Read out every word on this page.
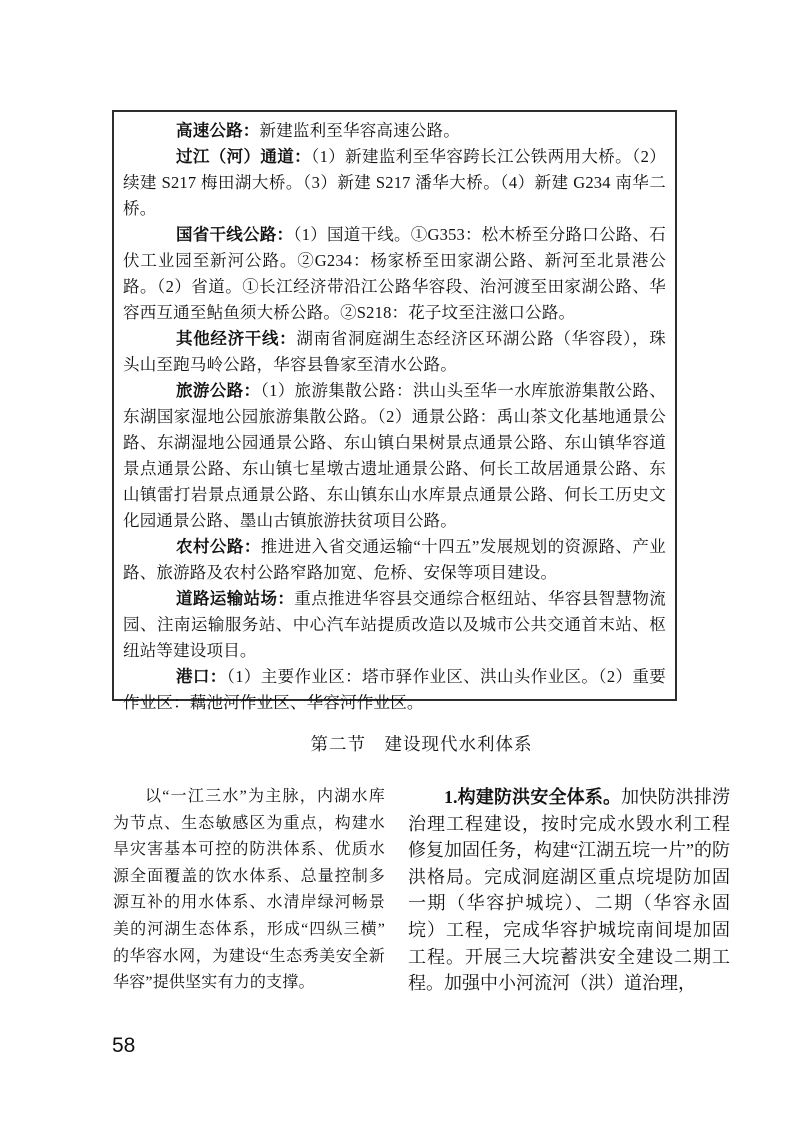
高速公路：新建监利至华容高速公路。

过江（河）通道：（1）新建监利至华容跨长江公铁两用大桥。（2）续建 S217 梅田湖大桥。（3）新建 S217 潘华大桥。（4）新建 G234 南华二桥。

国省干线公路：（1）国道干线。①G353：松木桥至分路口公路、石伏工业园至新河公路。②G234：杨家桥至田家湖公路、新河至北景港公路。（2）省道。①长江经济带沿江公路华容段、治河渡至田家湖公路、华容西互通至鲇鱼须大桥公路。②S218：花子坟至注滋口公路。

其他经济干线：湖南省洞庭湖生态经济区环湖公路（华容段），珠头山至跑马岭公路，华容县鲁家至清水公路。

旅游公路：（1）旅游集散公路：洪山头至华一水库旅游集散公路、东湖国家湿地公园旅游集散公路。（2）通景公路：禹山茶文化基地通景公路、东湖湿地公园通景公路、东山镇白果树景点通景公路、东山镇华容道景点通景公路、东山镇七星墩古遗址通景公路、何长工故居通景公路、东山镇雷打岩景点通景公路、东山镇东山水库景点通景公路、何长工历史文化园通景公路、墨山古镇旅游扶贫项目公路。

农村公路：推进进入省交通运输“十四五”发展规划的资源路、产业路、旅游路及农村公路窄路加宽、危桥、安保等项目建设。

道路运输站场：重点推进华容县交通综合枢纽站、华容县智慧物流园、注南运输服务站、中心汽车站提质改造以及城市公共交通首末站、枢纽站等建设项目。

港口：（1）主要作业区：塔市驿作业区、洪山头作业区。（2）重要作业区：藕池河作业区、华容河作业区。

第二节　建设现代水利体系
以“一江三水”为主脉，内湖水库为节点、生态敏感区为重点，构建水旱灾害基本可控的防洪体系、优质水源全面覆盖的饮水体系、总量控制多源互补的用水体系、水清岸绿河畅景美的河湖生态体系，形成“四纵三横”的华容水网，为建设“生态秀美安全新华容”提供坚实有力的支撑。
1.构建防洪安全体系。加快防洪排涝治理工程建设，按时完成水毁水利工程修复加固任务，构建“江湖五垸一片”的防洪格局。完成洞庭湖区重点垸堤防加固一期（华容护城垸）、二期（华容永固垸）工程，完成华容护城垸南间堤加固工程。开展三大垸蓄洪安全建设二期工程。加强中小河流河（洪）道治理，
58
